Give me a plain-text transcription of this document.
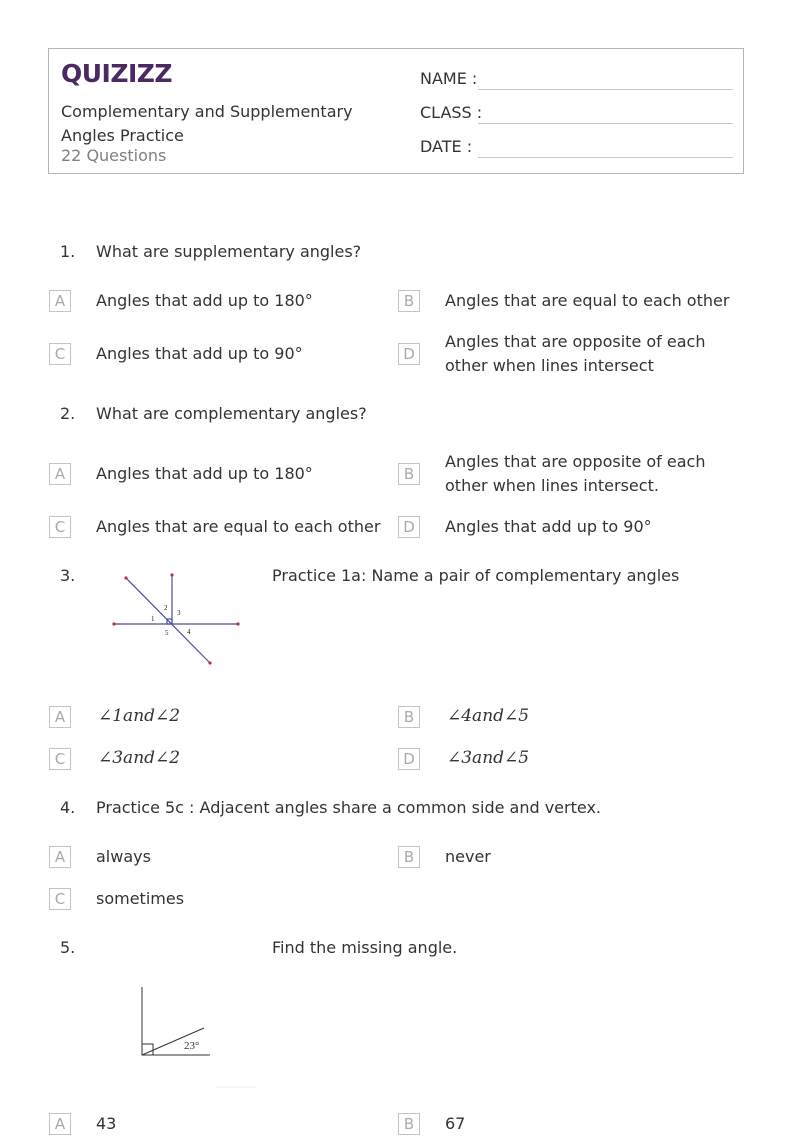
QUIZIZZ
Complementary and Supplementary Angles Practice
22 Questions
NAME :
CLASS :
DATE :
1. What are supplementary angles?
A	Angles that add up to 180°	B	Angles that are equal to each other
C	Angles that add up to 90°	D
Angles that are opposite of each other when lines intersect
2. What are complementary angles?
A	Angles that add up to 180°	B
Angles that are opposite of each other when lines intersect.
C	Angles that are equal to each other	D	Angles that add up to 90°
3.	Practice 1a: Name a pair of complementary angles
1
2
3
4
5
A	∠1and∠2	B	∠4and∠5
C	∠3and∠2	D	∠3and∠5
4. Practice 5c : Adjacent angles share a common side and vertex.
A	always	B	never
C	sometimes
5.	Find the missing angle.
23°
A	43	B	67
